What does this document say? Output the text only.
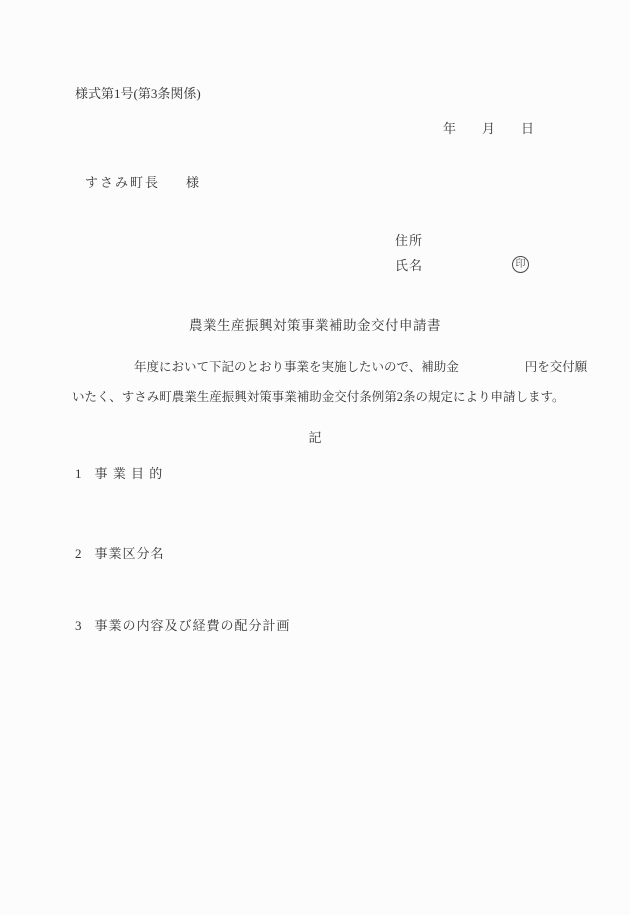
様式第1号(第3条関係)
年 月 日
すさみ町長 様
住所
氏名	印
農業生産振興対策事業補助金交付申請書
年度において下記のとおり事業を実施したいので、補助金	円を交付願
いたく、すさみ町農業生産振興対策事業補助金交付条例第2条の規定により申請します。
記
1 事 業 目 的
2 事業区分名
3 事業の内容及び経費の配分計画
